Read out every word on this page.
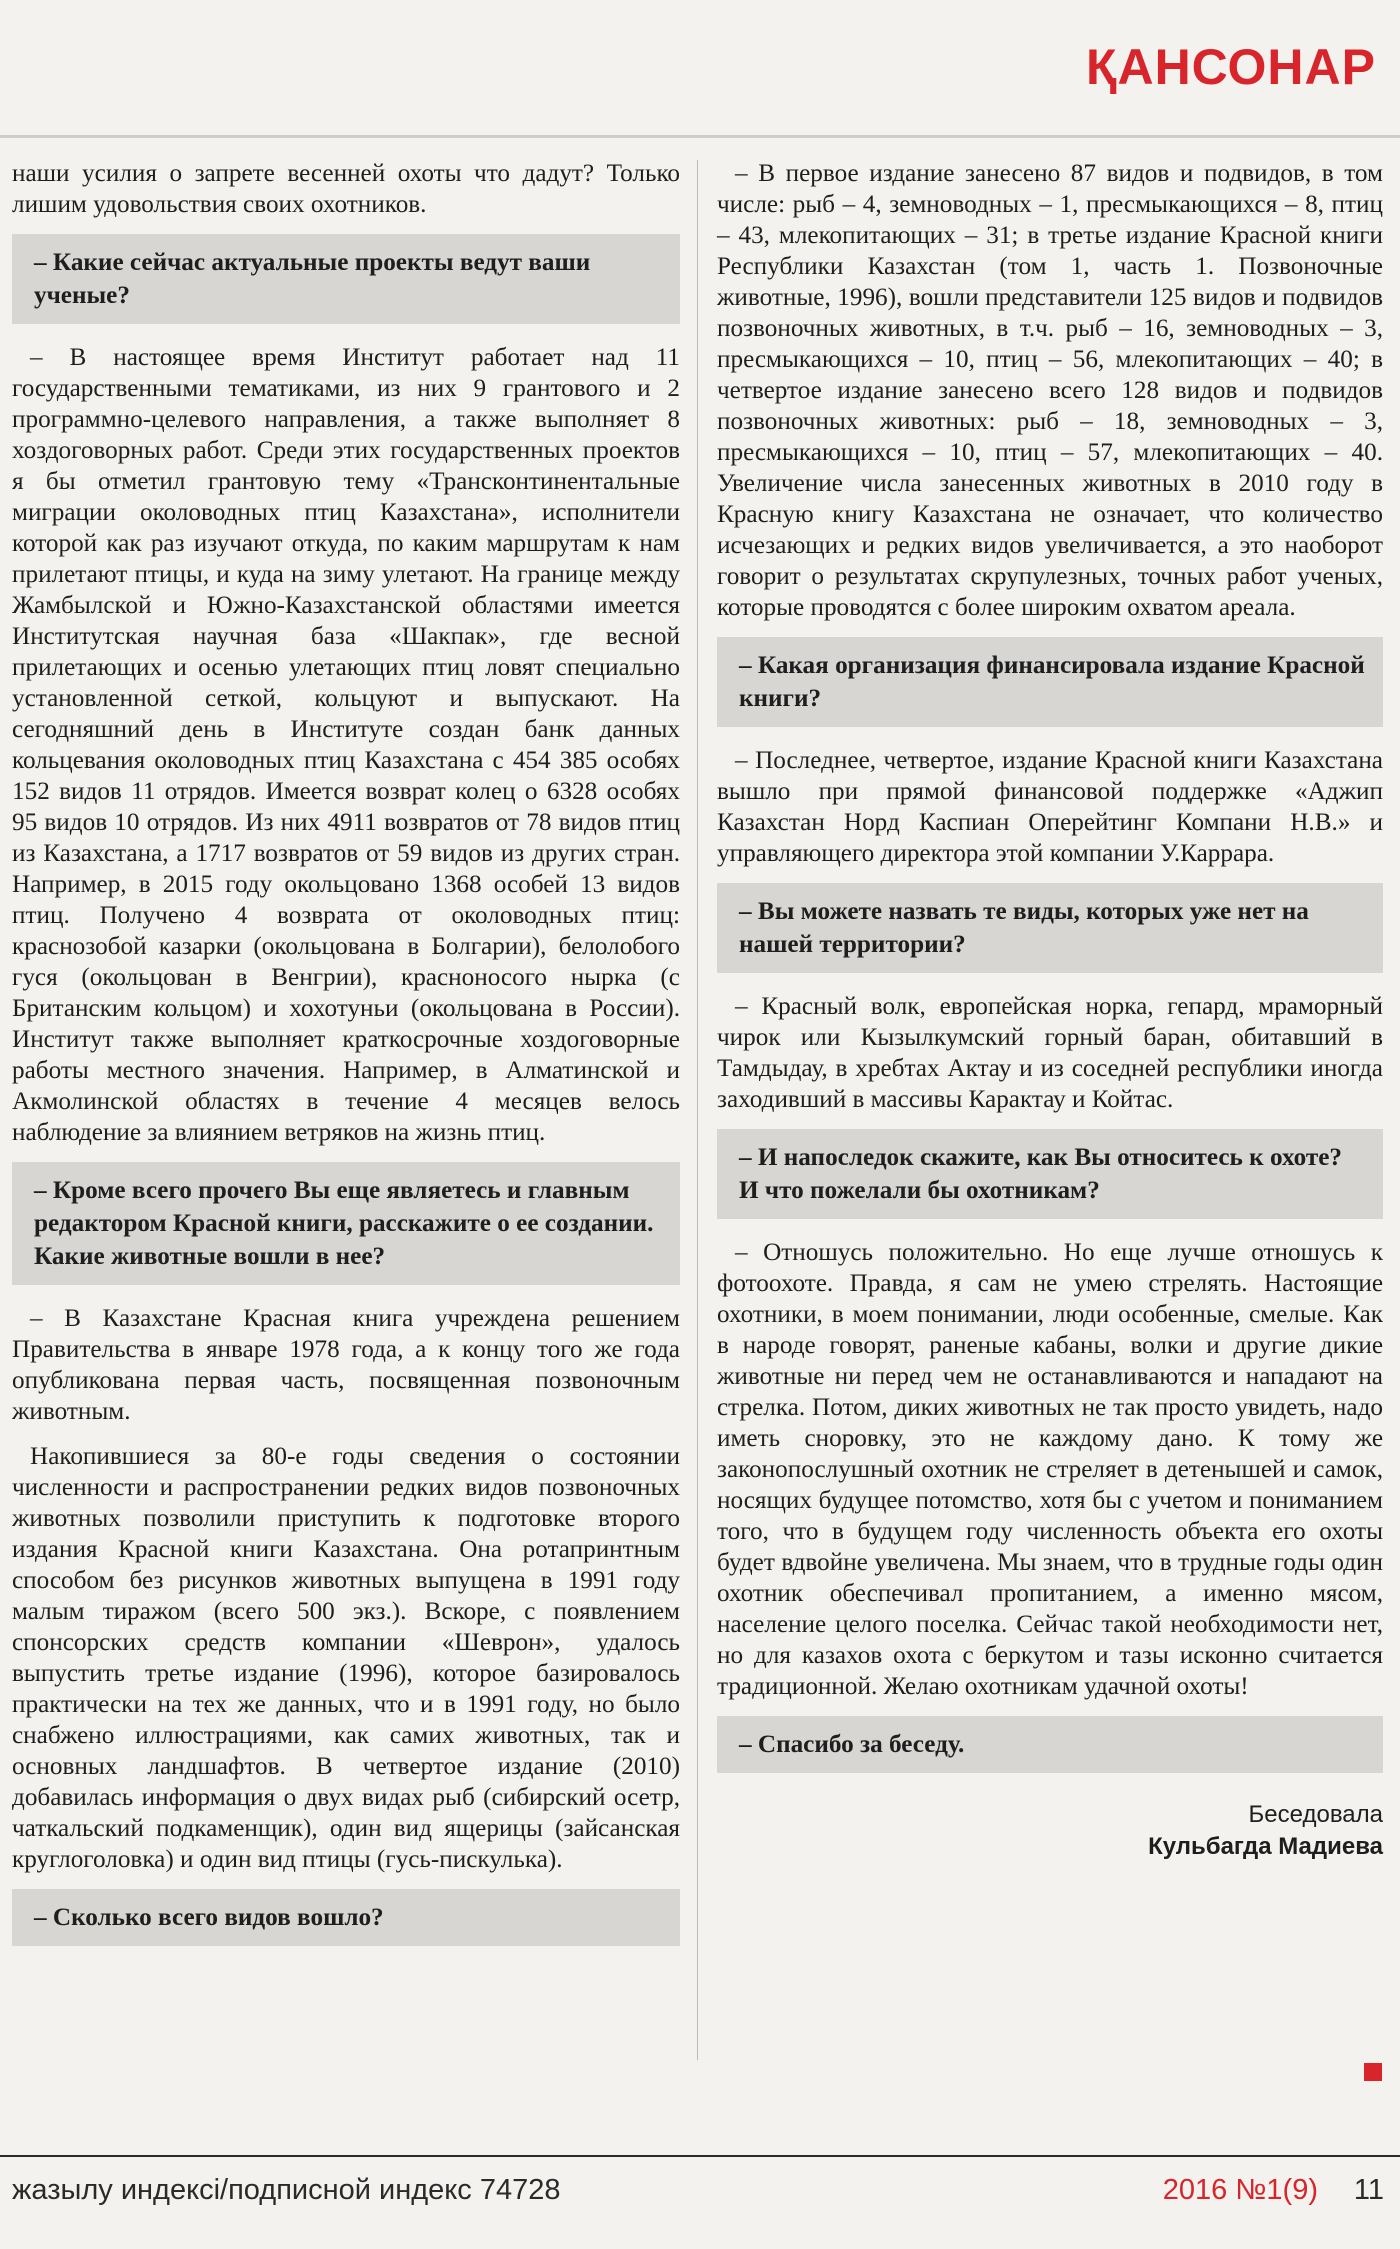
ҚАНСОНАР

наши усилия о запрете весенней охоты что дадут? Только лишим удовольствия своих охотников.

– Какие сейчас актуальные проекты ведут ваши ученые?

– В настоящее время Институт работает над 11 государственными тематиками, из них 9 грантового и 2 программно-целевого направления, а также выполняет 8 хоздоговорных работ. Среди этих государственных проектов я бы отметил грантовую тему «Трансконтинентальные миграции околоводных птиц Казахстана», исполнители которой как раз изучают откуда, по каким маршрутам к нам прилетают птицы, и куда на зиму улетают. На границе между Жамбылской и Южно-Казахстанской областями имеется Институтская научная база «Шакпак», где весной прилетающих и осенью улетающих птиц ловят специально установленной сеткой, кольцуют и выпускают. На сегодняшний день в Институте создан банк данных кольцевания околоводных птиц Казахстана с 454 385 особях 152 видов 11 отрядов. Имеется возврат колец о 6328 особях 95 видов 10 отрядов. Из них 4911 возвратов от 78 видов птиц из Казахстана, а 1717 возвратов от 59 видов из других стран. Например, в 2015 году окольцовано 1368 особей 13 видов птиц. Получено 4 возврата от околоводных птиц: краснозобой казарки (окольцована в Болгарии), белолобого гуся (окольцован в Венгрии), красноносого нырка (с Британским кольцом) и хохотуньи (окольцована в России). Институт также выполняет краткосрочные хоздоговорные работы местного значения. Например, в Алматинской и Акмолинской областях в течение 4 месяцев велось наблюдение за влиянием ветряков на жизнь птиц.

– Кроме всего прочего Вы еще являетесь и главным редактором Красной книги, расскажите о ее создании. Какие животные вошли в нее?

– В Казахстане Красная книга учреждена решением Правительства в январе 1978 года, а к концу того же года опубликована первая часть, посвященная позвоночным животным.

Накопившиеся за 80-е годы сведения о состоянии численности и распространении редких видов позвоночных животных позволили приступить к подготовке второго издания Красной книги Казахстана. Она ротапринтным способом без рисунков животных выпущена в 1991 году малым тиражом (всего 500 экз.). Вскоре, с появлением спонсорских средств компании «Шеврон», удалось выпустить третье издание (1996), которое базировалось практически на тех же данных, что и в 1991 году, но было снабжено иллюстрациями, как самих животных, так и основных ландшафтов. В четвертое издание (2010) добавилась информация о двух видах рыб (сибирский осетр, чаткальский подкаменщик), один вид ящерицы (зайсанская круглоголовка) и один вид птицы (гусь-пискулька).

– Сколько всего видов вошло?

– В первое издание занесено 87 видов и подвидов, в том числе: рыб – 4, земноводных – 1, пресмыкающихся – 8, птиц – 43, млекопитающих – 31; в третье издание Красной книги Республики Казахстан (том 1, часть 1. Позвоночные животные, 1996), вошли представители 125 видов и подвидов позвоночных животных, в т.ч. рыб – 16, земноводных – 3, пресмыкающихся – 10, птиц – 56, млекопитающих – 40; в четвертое издание занесено всего 128 видов и подвидов позвоночных животных: рыб – 18, земноводных – 3, пресмыкающихся – 10, птиц – 57, млекопитающих – 40. Увеличение числа занесенных животных в 2010 году в Красную книгу Казахстана не означает, что количество исчезающих и редких видов увеличивается, а это наоборот говорит о результатах скрупулезных, точных работ ученых, которые проводятся с более широким охватом ареала.

– Какая организация финансировала издание Красной книги?

– Последнее, четвертое, издание Красной книги Казахстана вышло при прямой финансовой поддержке «Аджип Казахстан Норд Каспиан Оперейтинг Компани Н.В.» и управляющего директора этой компании У.Каррара.

– Вы можете назвать те виды, которых уже нет на нашей территории?

– Красный волк, европейская норка, гепард, мраморный чирок или Кызылкумский горный баран, обитавший в Тамдыдау, в хребтах Актау и из соседней республики иногда заходивший в массивы Карактау и Койтас.

– И напоследок скажите, как Вы относитесь к охоте? И что пожелали бы охотникам?

– Отношусь положительно. Но еще лучше отношусь к фотоохоте. Правда, я сам не умею стрелять. Настоящие охотники, в моем понимании, люди особенные, смелые. Как в народе говорят, раненые кабаны, волки и другие дикие животные ни перед чем не останавливаются и нападают на стрелка. Потом, диких животных не так просто увидеть, надо иметь сноровку, это не каждому дано. К тому же законопослушный охотник не стреляет в детенышей и самок, носящих будущее потомство, хотя бы с учетом и пониманием того, что в будущем году численность объекта его охоты будет вдвойне увеличена. Мы знаем, что в трудные годы один охотник обеспечивал пропитанием, а именно мясом, население целого поселка. Сейчас такой необходимости нет, но для казахов охота с беркутом и тазы исконно считается традиционной. Желаю охотникам удачной охоты!

– Спасибо за беседу.
Беседовала
Кульбагда Мадиева
жазылу индексі/подписной индекс 74728	2016 №1(9) 11
